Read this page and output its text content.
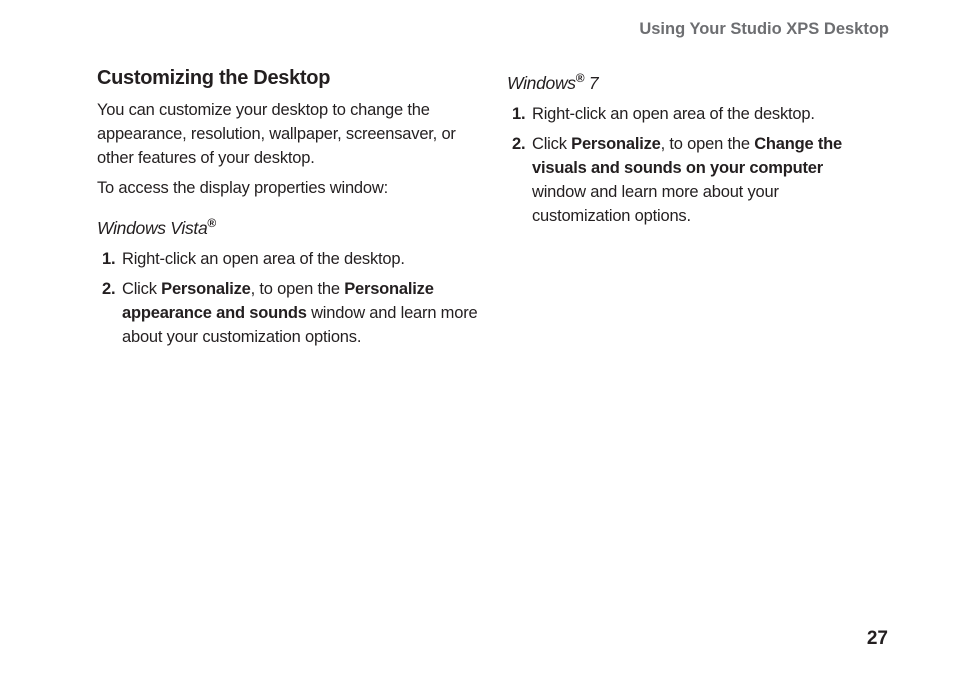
Using Your Studio XPS Desktop
Customizing the Desktop

You can customize your desktop to change the appearance, resolution, wallpaper, screensaver, or other features of your desktop.

To access the display properties window:

Windows Vista®
1. Right-click an open area of the desktop.
2. Click Personalize, to open the Personalize appearance and sounds window and learn more about your customization options.
Windows® 7
1. Right-click an open area of the desktop.
2. Click Personalize, to open the Change the visuals and sounds on your computer window and learn more about your customization options.
27
